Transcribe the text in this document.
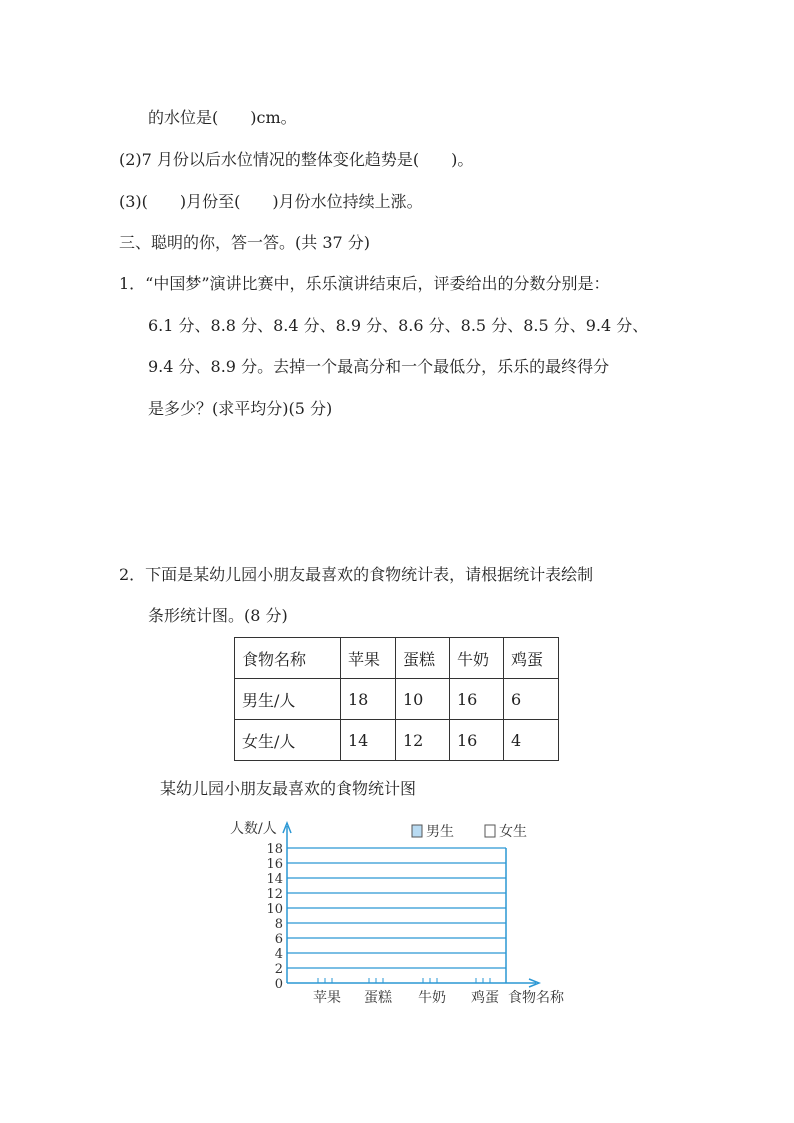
的水位是(　　)cm。
(2)7 月份以后水位情况的整体变化趋势是(　　)。
(3)(　　)月份至(　　)月份水位持续上涨。
三、聪明的你，答一答。(共 37 分)
1．“中国梦”演讲比赛中，乐乐演讲结束后，评委给出的分数分别是：
6.1 分、8.8 分、8.4 分、8.9 分、8.6 分、8.5 分、8.5 分、9.4 分、
9.4 分、8.9 分。去掉一个最高分和一个最低分，乐乐的最终得分
是多少？(求平均分)(5 分)
2．下面是某幼儿园小朋友最喜欢的食物统计表，请根据统计表绘制
条形统计图。(8 分)
食物名称	苹果	蛋糕	牛奶	鸡蛋
男生/人	18	10	16	6
女生/人	14	12	16	4
某幼儿园小朋友最喜欢的食物统计图
0
2
4
6
8
10
12
14
16
18
人数/人
食物名称
苹果 蛋糕 牛奶 鸡蛋
男生	女生
